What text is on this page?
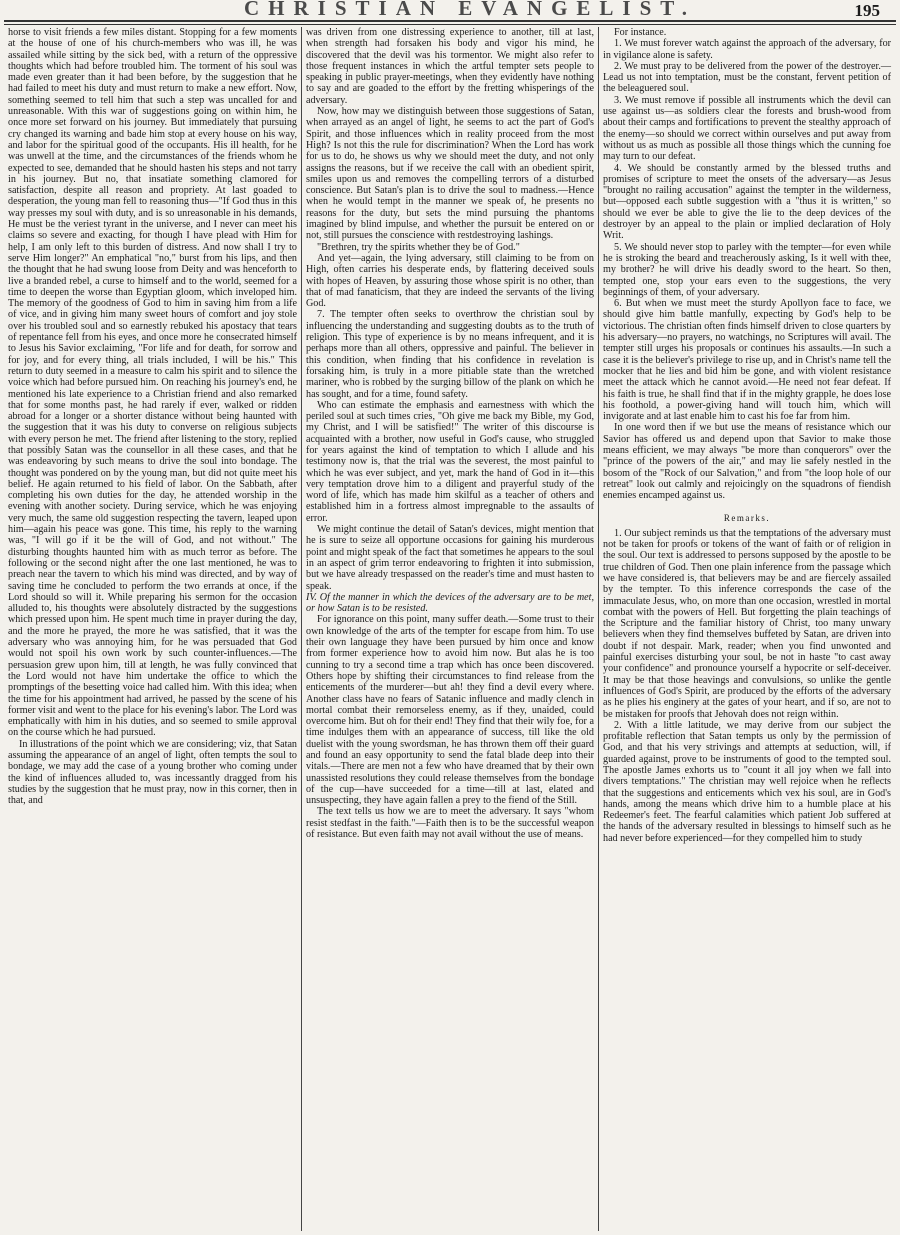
CHRISTIAN EVANGELIST.	195

horse to visit friends a few miles distant. Stopping for a few moments at the house of one of his church-members who was ill, he was assailed while sitting by the sick bed, with a return of the oppressive thoughts which had before troubled him. The torment of his soul was made even greater than it had been before, by the suggestion that he had failed to meet his duty and must return to make a new effort. Now, something seemed to tell him that such a step was uncalled for and unreasonable. With this war of suggestions going on within him, he once more set forward on his journey. But immediately that pursuing cry changed its warning and bade him stop at every house on his way, and labor for the spiritual good of the occupants. His ill health, for he was unwell at the time, and the circumstances of the friends whom he expected to see, demanded that he should hasten his steps and not tarry in his journey. But no, that insatiate something clamored for satisfaction, despite all reason and propriety. At last goaded to desperation, the young man fell to reasoning thus—"If God thus in this way presses my soul with duty, and is so unreasonable in his demands, He must be the veriest tyrant in the universe, and I never can meet his claims so severe and exacting, for though I have plead with Him for help, I am only left to this burden of distress. And now shall I try to serve Him longer?" An emphatical "no," burst from his lips, and then the thought that he had swung loose from Deity and was henceforth to live a branded rebel, a curse to himself and to the world, seemed for a time to deepen the worse than Egyptian gloom, which inveloped him. The memory of the goodness of God to him in saving him from a life of vice, and in giving him many sweet hours of comfort and joy stole over his troubled soul and so earnestly rebuked his apostacy that tears of repentance fell from his eyes, and once more he consecrated himself to Jesus his Savior exclaiming, "For life and for death, for sorrow and for joy, and for every thing, all trials included, I will be his." This return to duty seemed in a measure to calm his spirit and to silence the voice which had before pursued him. On reaching his journey's end, he mentioned his late experience to a Christian friend and also remarked that for some months past, he had rarely if ever, walked or ridden abroad for a longer or a shorter distance without being haunted with the suggestion that it was his duty to converse on religious subjects with every person he met. The friend after listening to the story, replied that possibly Satan was the counsellor in all these cases, and that he was endeavoring by such means to drive the soul into bondage. The thought was pondered on by the young man, but did not quite meet his belief. He again returned to his field of labor. On the Sabbath, after completing his own duties for the day, he attended worship in the evening with another society. During service, which he was enjoying very much, the same old suggestion respecting the tavern, leaped upon him—again his peace was gone. This time, his reply to the warning was, "I will go if it be the will of God, and not without." The disturbing thoughts haunted him with as much terror as before. The following or the second night after the one last mentioned, he was to preach near the tavern to which his mind was directed, and by way of saving time he concluded to perform the two errands at once, if the Lord should so will it. While preparing his sermon for the occasion alluded to, his thoughts were absolutely distracted by the suggestions which pressed upon him. He spent much time in prayer during the day, and the more he prayed, the more he was satisfied, that it was the adversary who was annoying him, for he was persuaded that God would not spoil his own work by such counter-influences.—The persuasion grew upon him, till at length, he was fully convinced that the Lord would not have him undertake the office to which the promptings of the besetting voice had called him. With this idea; when the time for his appointment had arrived, he passed by the scene of his former visit and went to the place for his evening's labor. The Lord was emphatically with him in his duties, and so seemed to smile approval on the course which he had pursued.

In illustrations of the point which we are considering; viz, that Satan assuming the appearance of an angel of light, often tempts the soul to bondage, we may add the case of a young brother who coming under the kind of influences alluded to, was incessantly dragged from his studies by the suggestion that he must pray, now in this corner, then in that, and

was driven from one distressing experience to another, till at last, when strength had forsaken his body and vigor his mind, he discovered that the devil was his tormentor. We might also refer to those frequent instances in which the artful tempter sets people to speaking in public prayer-meetings, when they evidently have nothing to say and are goaded to the effort by the fretting whisperings of the adversary.

Now, how may we distinguish between those suggestions of Satan, when arrayed as an angel of light, he seems to act the part of God's Spirit, and those influences which in reality proceed from the most High? Is not this the rule for discrimination? When the Lord has work for us to do, he shows us why we should meet the duty, and not only assigns the reasons, but if we receive the call with an obedient spirit, smiles upon us and removes the compelling terrors of a disturbed conscience. But Satan's plan is to drive the soul to madness.—Hence when he would tempt in the manner we speak of, he presents no reasons for the duty, but sets the mind pursuing the phantoms imagined by blind impulse, and whether the pursuit be entered on or not, still pursues the conscience with restdestroying lashings.

"Brethren, try the spirits whether they be of God."

And yet—again, the lying adversary, still claiming to be from on High, often carries his desperate ends, by flattering deceived souls with hopes of Heaven, by assuring those whose spirit is no other, than that of mad fanaticism, that they are indeed the servants of the living God.

7. The tempter often seeks to overthrow the christian soul by influencing the understanding and suggesting doubts as to the truth of religion. This type of experience is by no means infrequent, and it is perhaps more than all others, oppressive and painful. The believer in this condition, when finding that his confidence in revelation is forsaking him, is truly in a more pitiable state than the wretched mariner, who is robbed by the surging billow of the plank on which he has sought, and for a time, found safety.

Who can estimate the emphasis and earnestness with which the periled soul at such times cries, "Oh give me back my Bible, my God, my Christ, and I will be satisfied!" The writer of this discourse is acquainted with a brother, now useful in God's cause, who struggled for years against the kind of temptation to which I allude and his testimony now is, that the trial was the severest, the most painful to which he was ever subject, and yet, mark the hand of God in it—this very temptation drove him to a diligent and prayerful study of the word of life, which has made him skilful as a teacher of others and established him in a fortress almost impregnable to the assaults of error.

We might continue the detail of Satan's devices, might mention that he is sure to seize all opportune occasions for gaining his murderous point and might speak of the fact that sometimes he appears to the soul in an aspect of grim terror endeavoring to frighten it into submission, but we have already trespassed on the reader's time and must hasten to speak.

IV. Of the manner in which the devices of the adversary are to be met, or how Satan is to be resisted.

For ignorance on this point, many suffer death.—Some trust to their own knowledge of the arts of the tempter for escape from him. To use their own language they have been pursued by him once and know from former experience how to avoid him now. But alas he is too cunning to try a second time a trap which has once been discovered. Others hope by shifting their circumstances to find release from the enticements of the murderer—but ah! they find a devil every where. Another class have no fears of Satanic influence and madly clench in mortal combat their remorseless enemy, as if they, unaided, could overcome him. But oh for their end! They find that their wily foe, for a time indulges them with an appearance of success, till like the old duelist with the young swordsman, he has thrown them off their guard and found an easy opportunity to send the fatal blade deep into their vitals.—There are men not a few who have dreamed that by their own unassisted resolutions they could release themselves from the bondage of the cup—have succeeded for a time—till at last, elated and unsuspecting, they have again fallen a prey to the fiend of the Still.

The text tells us how we are to meet the adversary. It says "whom resist stedfast in the faith."—Faith then is to be the successful weapon of resistance. But even faith may not avail without the use of means.

For instance.

1. We must forever watch against the approach of the adversary, for in vigilance alone is safety.

2. We must pray to be delivered from the power of the destroyer.—Lead us not into temptation, must be the constant, fervent petition of the beleaguered soul.

3. We must remove if possible all instruments which the devil can use against us—as soldiers clear the forests and brush-wood from about their camps and fortifications to prevent the stealthy approach of the enemy—so should we correct within ourselves and put away from without us as much as possible all those things which the cunning foe may turn to our defeat.

4. We should be constantly armed by the blessed truths and promises of scripture to meet the onsets of the adversary—as Jesus "brought no railing accusation" against the tempter in the wilderness, but—opposed each subtle suggestion with a "thus it is written," so should we ever be able to give the lie to the deep devices of the destroyer by an appeal to the plain or implied declaration of Holy Writ.

5. We should never stop to parley with the tempter—for even while he is stroking the beard and treacherously asking, Is it well with thee, my brother? he will drive his deadly sword to the heart. So then, tempted one, stop your ears even to the suggestions, the very beginnings of them, of your adversary.

6. But when we must meet the sturdy Apollyon face to face, we should give him battle manfully, expecting by God's help to be victorious. The christian often finds himself driven to close quarters by his adversary—no prayers, no watchings, no Scriptures will avail. The tempter still urges his proposals or continues his assaults.—In such a case it is the believer's privilege to rise up, and in Christ's name tell the mocker that he lies and bid him be gone, and with violent resistance meet the attack which he cannot avoid.—He need not fear defeat. If his faith is true, he shall find that if in the mighty grapple, he does lose his foothold, a power-giving hand will touch him, which will invigorate and at last enable him to cast his foe far from him.

In one word then if we but use the means of resistance which our Savior has offered us and depend upon that Savior to make those means efficient, we may always "be more than conquerors" over the "prince of the powers of the air," and may lie safely nestled in the bosom of the "Rock of our Salvation," and from "the loop hole of our retreat" look out calmly and rejoicingly on the squadrons of fiendish enemies encamped against us.

Remarks.

1. Our subject reminds us that the temptations of the adversary must not be taken for proofs or tokens of the want of faith or of religion in the soul. Our text is addressed to persons supposed by the apostle to be true children of God. Then one plain inference from the passage which we have considered is, that believers may be and are fiercely assailed by the tempter. To this inference corresponds the case of the immaculate Jesus, who, on more than one occasion, wrestled in mortal combat with the powers of Hell. But forgetting the plain teachings of the Scripture and the familiar history of Christ, too many unwary believers when they find themselves buffeted by Satan, are driven into doubt if not despair. Mark, reader; when you find unwonted and painful exercises disturbing your soul, be not in haste "to cast away your confidence" and pronounce yourself a hypocrite or self-deceiver. It may be that those heavings and convulsions, so unlike the gentle influences of God's Spirit, are produced by the efforts of the adversary as he plies his enginery at the gates of your heart, and if so, are not to be mistaken for proofs that Jehovah does not reign within.

2. With a little latitude, we may derive from our subject the profitable reflection that Satan tempts us only by the permission of God, and that his very strivings and attempts at seduction, will, if guarded against, prove to be instruments of good to the tempted soul. The apostle James exhorts us to "count it all joy when we fall into divers temptations." The christian may well rejoice when he reflects that the suggestions and enticements which vex his soul, are in God's hands, among the means which drive him to a humble place at his Redeemer's feet. The fearful calamities which patient Job suffered at the hands of the adversary resulted in blessings to himself such as he had never before experienced—for they compelled him to study
